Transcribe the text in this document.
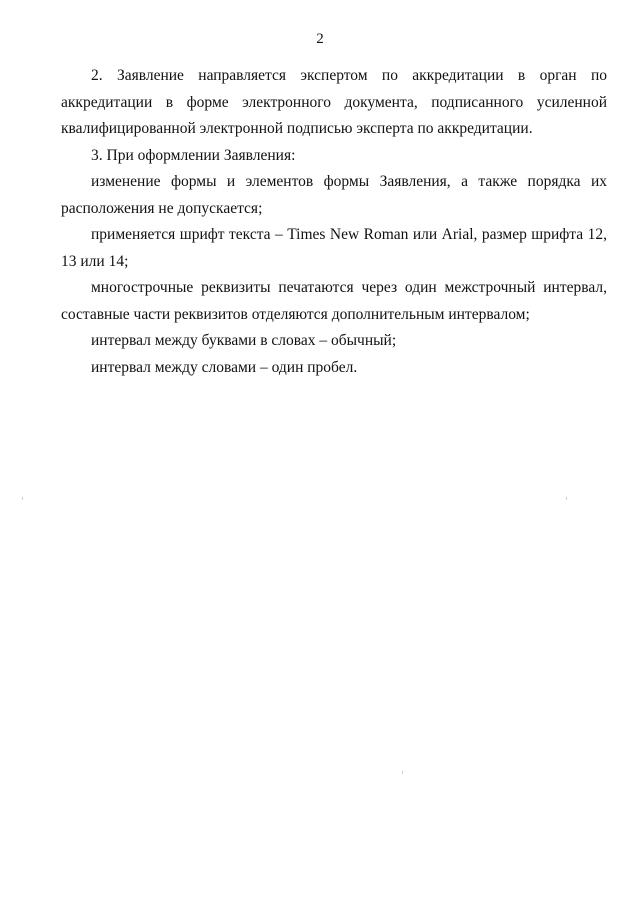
2

2. Заявление направляется экспертом по аккредитации в орган по аккредитации в форме электронного документа, подписанного усиленной квалифицированной электронной подписью эксперта по аккредитации.

3. При оформлении Заявления:

изменение формы и элементов формы Заявления, а также порядка их расположения не допускается;

применяется шрифт текста – Times New Roman или Arial, размер шрифта 12, 13 или 14;

многострочные реквизиты печатаются через один межстрочный интервал, составные части реквизитов отделяются дополнительным интервалом;

интервал между буквами в словах – обычный;

интервал между словами – один пробел.
